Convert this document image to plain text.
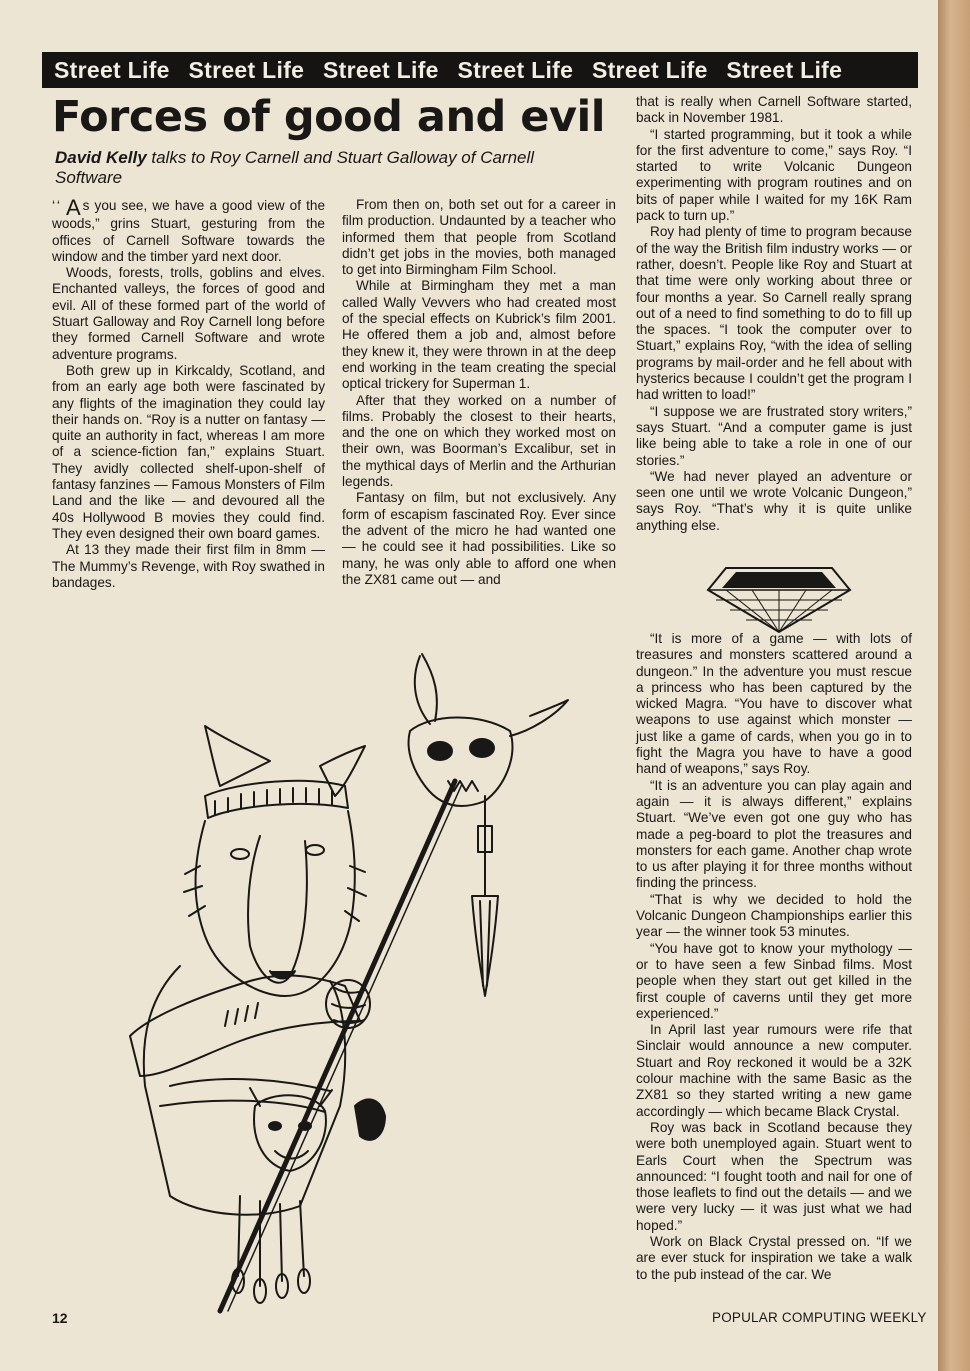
Street Life Street Life Street Life Street Life Street Life Street Life
Forces of good and evil
David Kelly talks to Roy Carnell and Stuart Galloway of Carnell Software

‘‘ A s you see, we have a good view of the woods,” grins Stuart, gesturing from the offices of Carnell Software towards the window and the timber yard next door.

Woods, forests, trolls, goblins and elves. Enchanted valleys, the forces of good and evil. All of these formed part of the world of Stuart Galloway and Roy Carnell long before they formed Carnell Software and wrote adventure programs.

Both grew up in Kirkcaldy, Scotland, and from an early age both were fascinated by any flights of the imagination they could lay their hands on. “Roy is a nutter on fantasy — quite an authority in fact, whereas I am more of a science-fiction fan,” explains Stuart. They avidly collected shelf-upon-shelf of fantasy fanzines — Famous Monsters of Film Land and the like — and devoured all the 40s Hollywood B movies they could find. They even designed their own board games.

At 13 they made their first film in 8mm — The Mummy’s Revenge, with Roy swathed in bandages.

From then on, both set out for a career in film production. Undaunted by a teacher who informed them that people from Scotland didn’t get jobs in the movies, both managed to get into Birmingham Film School.

While at Birmingham they met a man called Wally Vevvers who had created most of the special effects on Kubrick’s film 2001. He offered them a job and, almost before they knew it, they were thrown in at the deep end working in the team creating the special optical trickery for Superman 1.

After that they worked on a number of films. Probably the closest to their hearts, and the one on which they worked most on their own, was Boorman’s Excalibur, set in the mythical days of Merlin and the Arthurian legends.

Fantasy on film, but not exclusively. Any form of escapism fascinated Roy. Ever since the advent of the micro he had wanted one — he could see it had possibilities. Like so many, he was only able to afford one when the ZX81 came out — and

that is really when Carnell Software started, back in November 1981.

“I started programming, but it took a while for the first adventure to come,” says Roy. “I started to write Volcanic Dungeon experimenting with program routines and on bits of paper while I waited for my 16K Ram pack to turn up.”

Roy had plenty of time to program because of the way the British film industry works — or rather, doesn’t. People like Roy and Stuart at that time were only working about three or four months a year. So Carnell really sprang out of a need to find something to do to fill up the spaces. “I took the computer over to Stuart,” explains Roy, “with the idea of selling programs by mail-order and he fell about with hysterics because I couldn’t get the program I had written to load!”

“I suppose we are frustrated story writers,” says Stuart. “And a computer game is just like being able to take a role in one of our stories.”

“We had never played an adventure or seen one until we wrote Volcanic Dungeon,” says Roy. “That’s why it is quite unlike anything else.

“It is more of a game — with lots of treasures and monsters scattered around a dungeon.” In the adventure you must rescue a princess who has been captured by the wicked Magra. “You have to discover what weapons to use against which monster — just like a game of cards, when you go in to fight the Magra you have to have a good hand of weapons,” says Roy.

“It is an adventure you can play again and again — it is always different,” explains Stuart. “We’ve even got one guy who has made a peg-board to plot the treasures and monsters for each game. Another chap wrote to us after playing it for three months without finding the princess.

“That is why we decided to hold the Volcanic Dungeon Championships earlier this year — the winner took 53 minutes.

“You have got to know your mythology — or to have seen a few Sinbad films. Most people when they start out get killed in the first couple of caverns until they get more experienced.”

In April last year rumours were rife that Sinclair would announce a new computer. Stuart and Roy reckoned it would be a 32K colour machine with the same Basic as the ZX81 so they started writing a new game accordingly — which became Black Crystal.

Roy was back in Scotland because they were both unemployed again. Stuart went to Earls Court when the Spectrum was announced: “I fought tooth and nail for one of those leaflets to find out the details — and we were very lucky — it was just what we had hoped.”

Work on Black Crystal pressed on. “If we are ever stuck for inspiration we take a walk to the pub instead of the car. We

12	POPULAR COMPUTING WEEKLY
